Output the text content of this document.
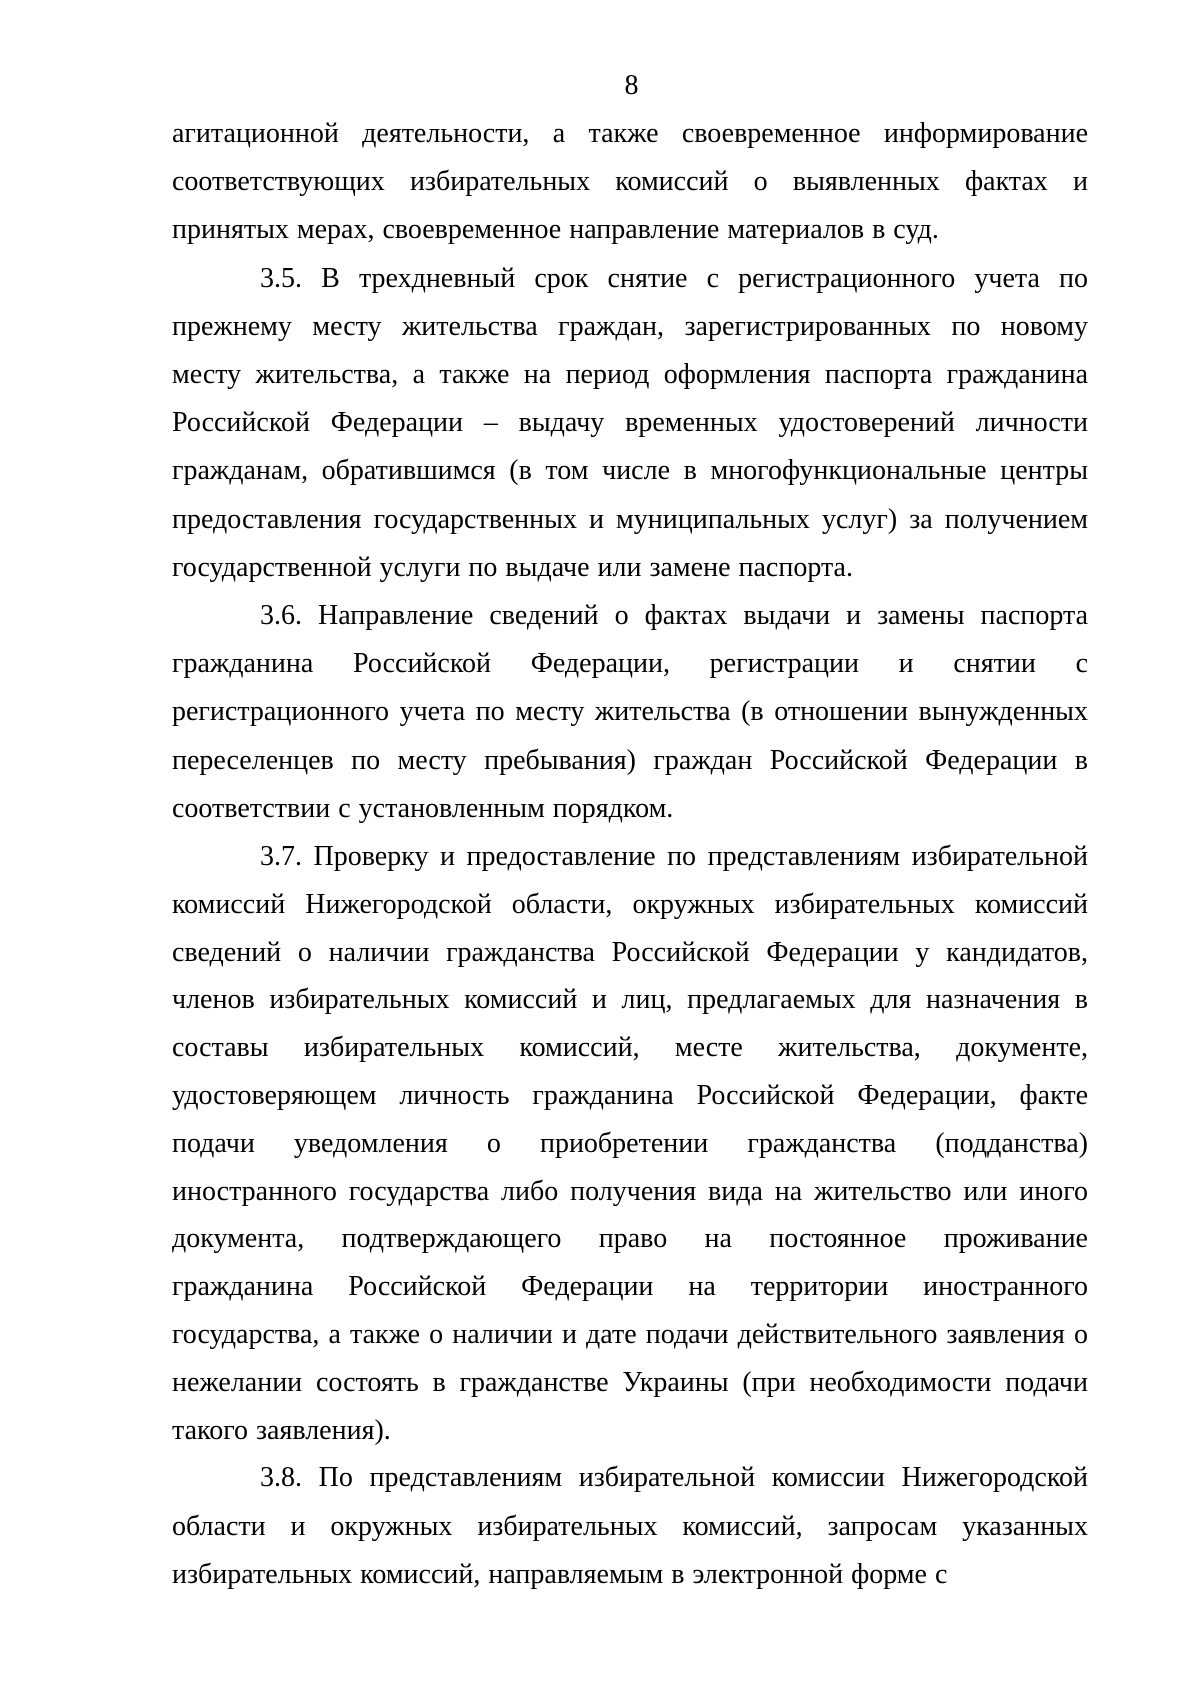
8

агитационной деятельности, а также своевременное информирование соответствующих избирательных комиссий о выявленных фактах и принятых мерах, своевременное направление материалов в суд.

3.5. В трехдневный срок снятие с регистрационного учета по прежнему месту жительства граждан, зарегистрированных по новому месту жительства, а также на период оформления паспорта гражданина Российской Федерации – выдачу временных удостоверений личности гражданам, обратившимся (в том числе в многофункциональные центры предоставления государственных и муниципальных услуг) за получением государственной услуги по выдаче или замене паспорта.

3.6. Направление сведений о фактах выдачи и замены паспорта гражданина Российской Федерации, регистрации и снятии с регистрационного учета по месту жительства (в отношении вынужденных переселенцев по месту пребывания) граждан Российской Федерации в соответствии с установленным порядком.

3.7. Проверку и предоставление по представлениям избирательной комиссий Нижегородской области, окружных избирательных комиссий сведений о наличии гражданства Российской Федерации у кандидатов, членов избирательных комиссий и лиц, предлагаемых для назначения в составы избирательных комиссий, месте жительства, документе, удостоверяющем личность гражданина Российской Федерации, факте подачи уведомления о приобретении гражданства (подданства) иностранного государства либо получения вида на жительство или иного документа, подтверждающего право на постоянное проживание гражданина Российской Федерации на территории иностранного государства, а также о наличии и дате подачи действительного заявления о нежелании состоять в гражданстве Украины (при необходимости подачи такого заявления).

3.8. По представлениям избирательной комиссии Нижегородской области и окружных избирательных комиссий, запросам указанных избирательных комиссий, направляемым в электронной форме с
